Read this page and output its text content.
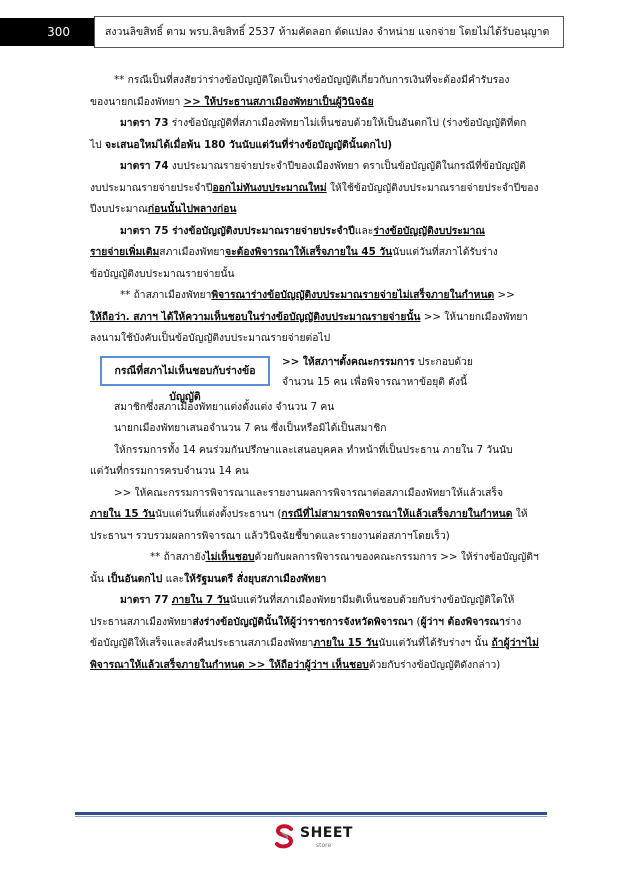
300	สงวนลิขสิทธิ์ ตาม พรบ.ลิขสิทธิ์ 2537 ห้ามคัดลอก ดัดแปลง จำหน่าย แจกจ่าย โดยไม่ได้รับอนุญาต
** กรณีเป็นที่สงสัยว่าร่างข้อบัญญัติใดเป็นร่างข้อบัญญัติเกี่ยวกับการเงินที่จะต้องมีคำรับรอง
ของนายกเมืองพัทยา >> ให้ประธานสภาเมืองพัทยาเป็นผู้วินิจฉัย
มาตรา 73 ร่างข้อบัญญัติที่สภาเมืองพัทยาไม่เห็นชอบด้วยให้เป็นอันตกไป (ร่างข้อบัญญัติที่ตก
ไป จะเสนอใหม่ได้เมื่อพ้น 180 วันนับแต่วันที่ร่างข้อบัญญัตินั้นตกไป)
มาตรา 74 งบประมาณรายจ่ายประจำปีของเมืองพัทยา ตราเป็นข้อบัญญัติในกรณีที่ข้อบัญญัติ
งบประมาณรายจ่ายประจำปีออกไม่ทันงบประมาณใหม่ ให้ใช้ข้อบัญญัติงบประมาณรายจ่ายประจำปีของ
ปีงบประมาณก่อนนั้นไปพลางก่อน
มาตรา 75 ร่างข้อบัญญัติงบประมาณรายจ่ายประจำปีและร่างข้อบัญญัติงบประมาณ
รายจ่ายเพิ่มเติมสภาเมืองพัทยาจะต้องพิจารณาให้เสร็จภายใน 45 วันนับแต่วันที่สภาได้รับร่าง
ข้อบัญญัติงบประมาณรายจ่ายนั้น
** ถ้าสภาเมืองพัทยาพิจารณาร่างข้อบัญญัติงบประมาณรายจ่ายไม่เสร็จภายในกำหนด >>
ให้ถือว่า. สภาฯ ได้ให้ความเห็นชอบในร่างข้อบัญญัติงบประมาณรายจ่ายนั้น >> ให้นายกเมืองพัทยา
ลงนามใช้บังคับเป็นข้อบัญญัติงบประมาณรายจ่ายต่อไป
กรณีที่สภาไม่เห็นชอบกับร่างข้อบัญญัติ
>> ให้สภาฯตั้งคณะกรรมการ ประกอบด้วย
จำนวน 15 คน เพื่อพิจารณาหาข้อยุติ ดังนี้
สมาชิกซึ่งสภาเมืองพัทยาแต่งตั้งแต่ง จำนวน 7 คน
นายกเมืองพัทยาเสนอจำนวน 7 คน ซึ่งเป็นหรือมิได้เป็นสมาชิก
ให้กรรมการทั้ง 14 คนร่วมกันปรึกษาและเสนอบุคคล ทำหน้าที่เป็นประธาน ภายใน 7 วันนับ
แต่วันที่กรรมการครบจำนวน 14 คน
>> ให้คณะกรรมการพิจารณาและรายงานผลการพิจารณาต่อสภาเมืองพัทยาให้แล้วเสร็จ
ภายใน 15 วันนับแต่วันที่แต่งตั้งประธานฯ (กรณีที่ไม่สามารถพิจารณาให้แล้วเสร็จภายในกำหนด ให้
ประธานฯ รวบรวมผลการพิจารณา แล้ววินิจฉัยชี้ขาดและรายงานต่อสภาฯโดยเร็ว)
** ถ้าสภายังไม่เห็นชอบด้วยกับผลการพิจารณาของคณะกรรมการ >> ให้ร่างข้อบัญญัติฯ
นั้น เป็นอันตกไป และให้รัฐมนตรี สั่งยุบสภาเมืองพัทยา
มาตรา 77 ภายใน 7 วันนับแต่วันที่สภาเมืองพัทยามีมติเห็นชอบด้วยกับร่างข้อบัญญัติใดให้
ประธานสภาเมืองพัทยาส่งร่างข้อบัญญัตินั้นให้ผู้ว่าราชการจังหวัดพิจารณา (ผู้ว่าฯ ต้องพิจารณาร่าง
ข้อบัญญัติให้เสร็จและส่งคืนประธานสภาเมืองพัทยาภายใน 15 วันนับแต่วันที่ได้รับร่างฯ นั้น ถ้าผู้ว่าฯไม่
พิจารณาให้แล้วเสร็จภายในกำหนด >> ให้ถือว่าผู้ว่าฯ เห็นชอบด้วยกับร่างข้อบัญญัติดังกล่าว)
SHEET
store
